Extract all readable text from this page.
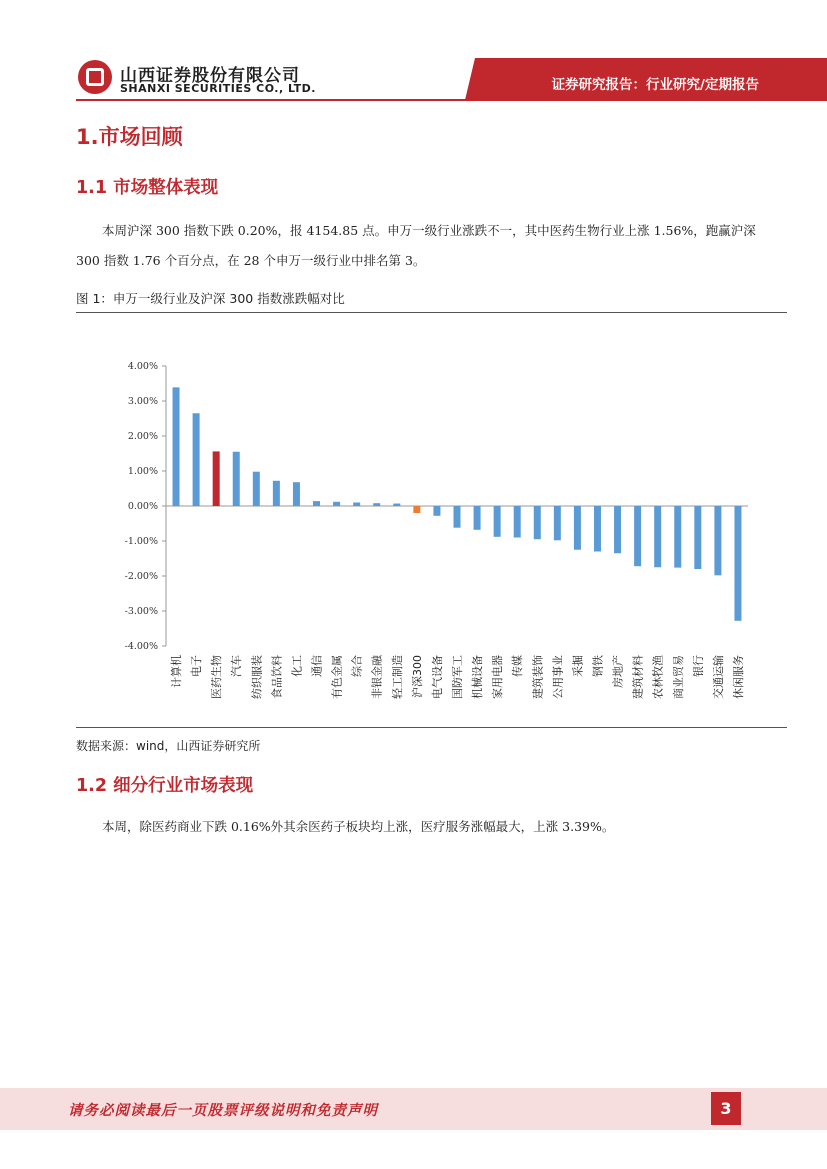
山西证券股份有限公司
SHANXI SECURITIES CO., LTD.	证券研究报告：行业研究/定期报告
1.市场回顾
1.1 市场整体表现
本周沪深 300 指数下跌 0.20%，报 4154.85 点。申万一级行业涨跌不一，其中医药生物行业上涨 1.56%，跑赢沪深 300 指数 1.76 个百分点，在 28 个申万一级行业中排名第 3。
图 1：申万一级行业及沪深 300 指数涨跌幅对比
4.00%
3.00%
2.00%
1.00%
0.00%
-1.00%
-2.00%
-3.00%
-4.00%
计算机 电子 医药生物 汽车 纺织服装 食品饮料 化工 通信 有色金属 综合 非银金融 轻工制造 沪深300 电气设备 国防军工 机械设备 家用电器 传媒 建筑装饰 公用事业 采掘 钢铁 房地产 建筑材料 农林牧渔 商业贸易 银行 交通运输 休闲服务
数据来源：wind，山西证券研究所
1.2 细分行业市场表现
本周，除医药商业下跌 0.16%外其余医药子板块均上涨，医疗服务涨幅最大，上涨 3.39%。
请务必阅读最后一页股票评级说明和免责声明	3
